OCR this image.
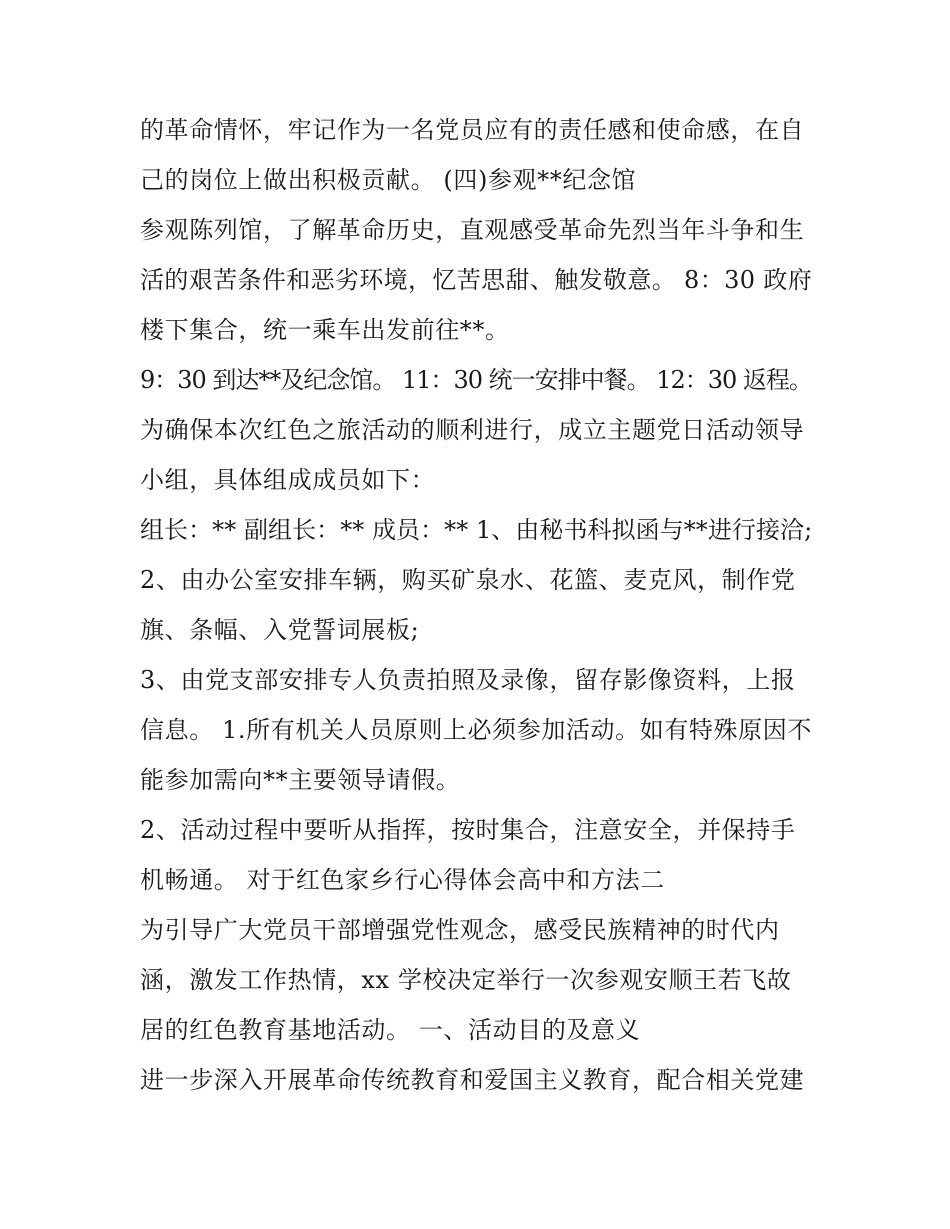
的革命情怀，牢记作为一名党员应有的责任感和使命感，在自
己的岗位上做出积极贡献。 (四)参观**纪念馆
参观陈列馆，了解革命历史，直观感受革命先烈当年斗争和生
活的艰苦条件和恶劣环境，忆苦思甜、触发敬意。 8：30 政府
楼下集合，统一乘车出发前往**。
9：30 到达**及纪念馆。 11：30 统一安排中餐。 12：30 返程。
为确保本次红色之旅活动的顺利进行，成立主题党日活动领导
小组，具体组成成员如下：
组长：** 副组长：** 成员：** 1、由秘书科拟函与**进行接洽;
2、由办公室安排车辆，购买矿泉水、花篮、麦克风，制作党
旗、条幅、入党誓词展板;
3、由党支部安排专人负责拍照及录像，留存影像资料，上报
信息。 1.所有机关人员原则上必须参加活动。如有特殊原因不
能参加需向**主要领导请假。
2、活动过程中要听从指挥，按时集合，注意安全，并保持手
机畅通。 对于红色家乡行心得体会高中和方法二
为引导广大党员干部增强党性观念，感受民族精神的时代内
涵，激发工作热情，xx 学校决定举行一次参观安顺王若飞故
居的红色教育基地活动。 一、活动目的及意义
进一步深入开展革命传统教育和爱国主义教育，配合相关党建
